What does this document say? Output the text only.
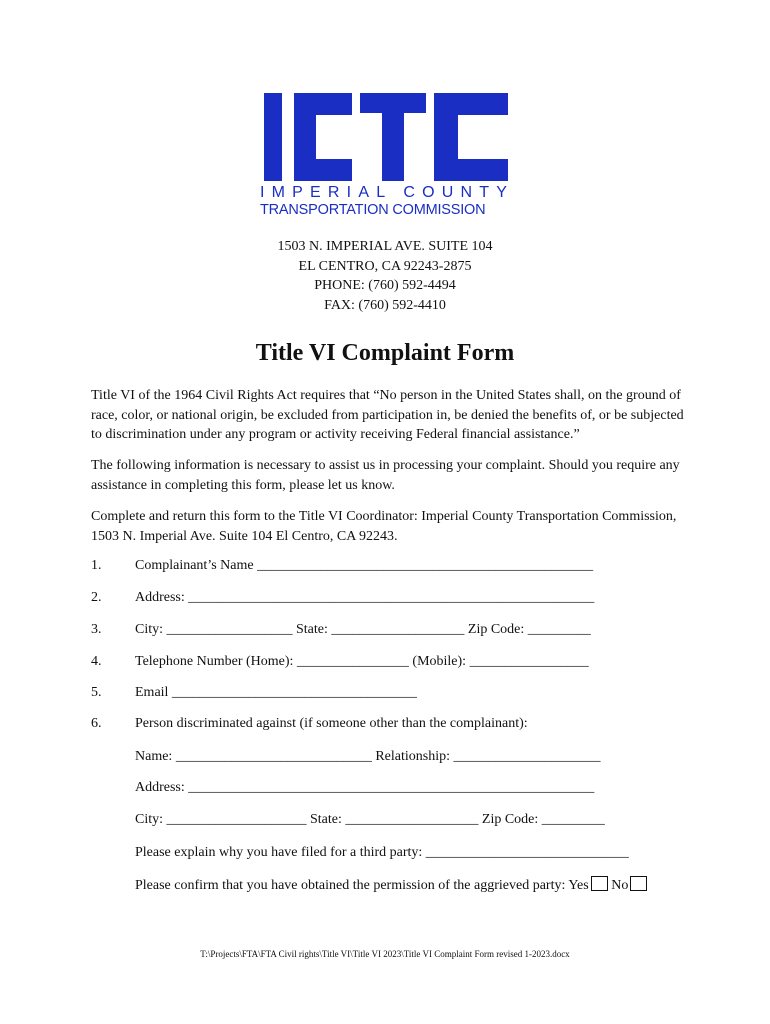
IMPERIAL COUNTY
TRANSPORTATION COMMISSION
1503 N. IMPERIAL AVE. SUITE 104
EL CENTRO, CA 92243-2875
PHONE: (760) 592-4494
FAX: (760) 592-4410
Title VI Complaint Form
Title VI of the 1964 Civil Rights Act requires that “No person in the United States shall, on the ground of
race, color, or national origin, be excluded from participation in, be denied the benefits of, or be subjected
to discrimination under any program or activity receiving Federal financial assistance.”
The following information is necessary to assist us in processing your complaint. Should you require any
assistance in completing this form, please let us know.
Complete and return this form to the Title VI Coordinator: Imperial County Transportation Commission,
1503 N. Imperial Ave. Suite 104 El Centro, CA 92243.
1. Complainant’s Name ________________________________________________
2. Address: __________________________________________________________
3. City: __________________ State: ___________________ Zip Code: _________
4. Telephone Number (Home): ________________ (Mobile): _________________
5. Email ___________________________________
6. Person discriminated against (if someone other than the complainant):
Name: ____________________________ Relationship: _____________________
Address: __________________________________________________________
City: ____________________ State: ___________________ Zip Code: _________
Please explain why you have filed for a third party: _____________________________
Please confirm that you have obtained the permission of the aggrieved party: Yes No
T:\Projects\FTA\FTA Civil rights\Title VI\Title VI 2023\Title VI Complaint Form revised 1-2023.docx
